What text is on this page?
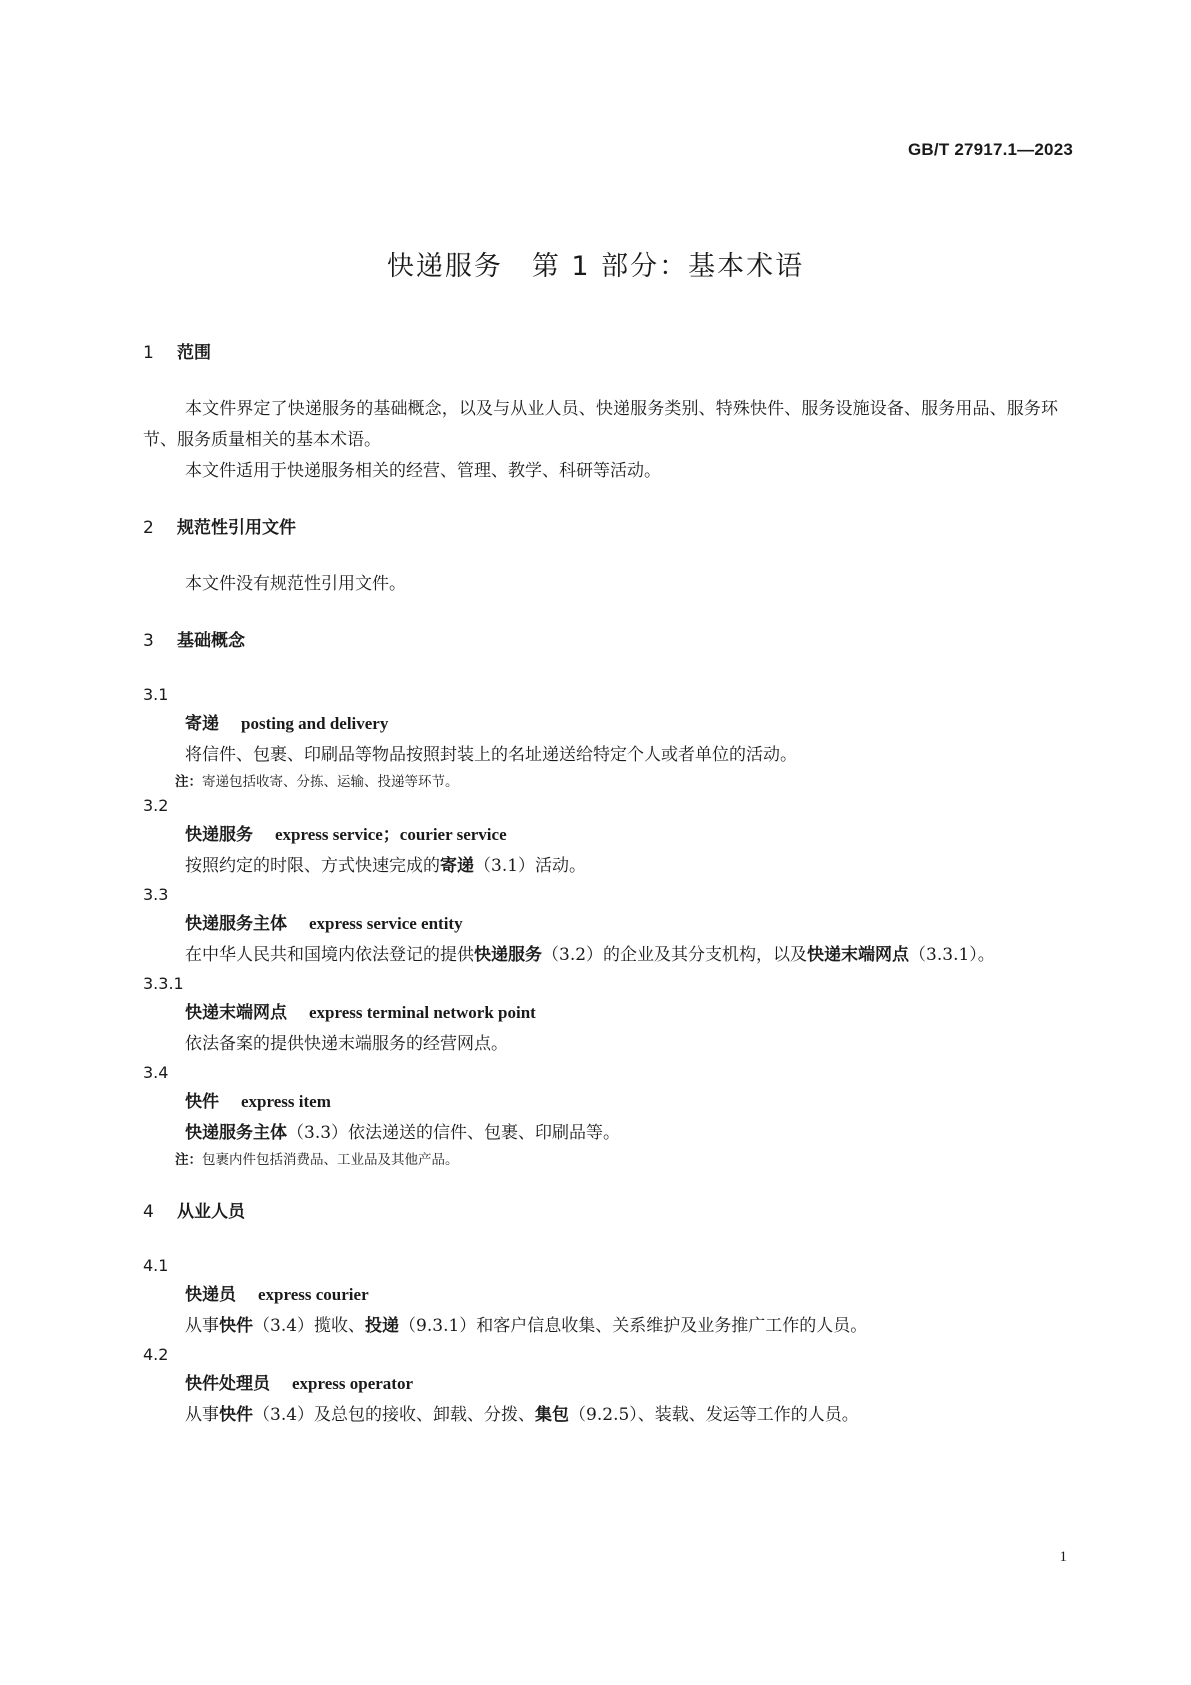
GB/T 27917.1—2023
快递服务　第 1 部分：基本术语
1	范围
本文件界定了快递服务的基础概念，以及与从业人员、快递服务类别、特殊快件、服务设施设备、服务用品、服务环节、服务质量相关的基本术语。
本文件适用于快递服务相关的经营、管理、教学、科研等活动。
2	规范性引用文件
本文件没有规范性引用文件。
3	基础概念
3.1
寄递 posting and delivery
将信件、包裹、印刷品等物品按照封装上的名址递送给特定个人或者单位的活动。
注：寄递包括收寄、分拣、运输、投递等环节。
3.2
快递服务 express service；courier service
按照约定的时限、方式快速完成的寄递（3.1）活动。
3.3
快递服务主体 express service entity
在中华人民共和国境内依法登记的提供快递服务（3.2）的企业及其分支机构，以及快递末端网点（3.3.1）。
3.3.1
快递末端网点 express terminal network point
依法备案的提供快递末端服务的经营网点。
3.4
快件 express item
快递服务主体（3.3）依法递送的信件、包裹、印刷品等。
注：包裹内件包括消费品、工业品及其他产品。
4	从业人员
4.1
快递员 express courier
从事快件（3.4）揽收、投递（9.3.1）和客户信息收集、关系维护及业务推广工作的人员。
4.2
快件处理员 express operator
从事快件（3.4）及总包的接收、卸载、分拨、集包（9.2.5）、装载、发运等工作的人员。
1
